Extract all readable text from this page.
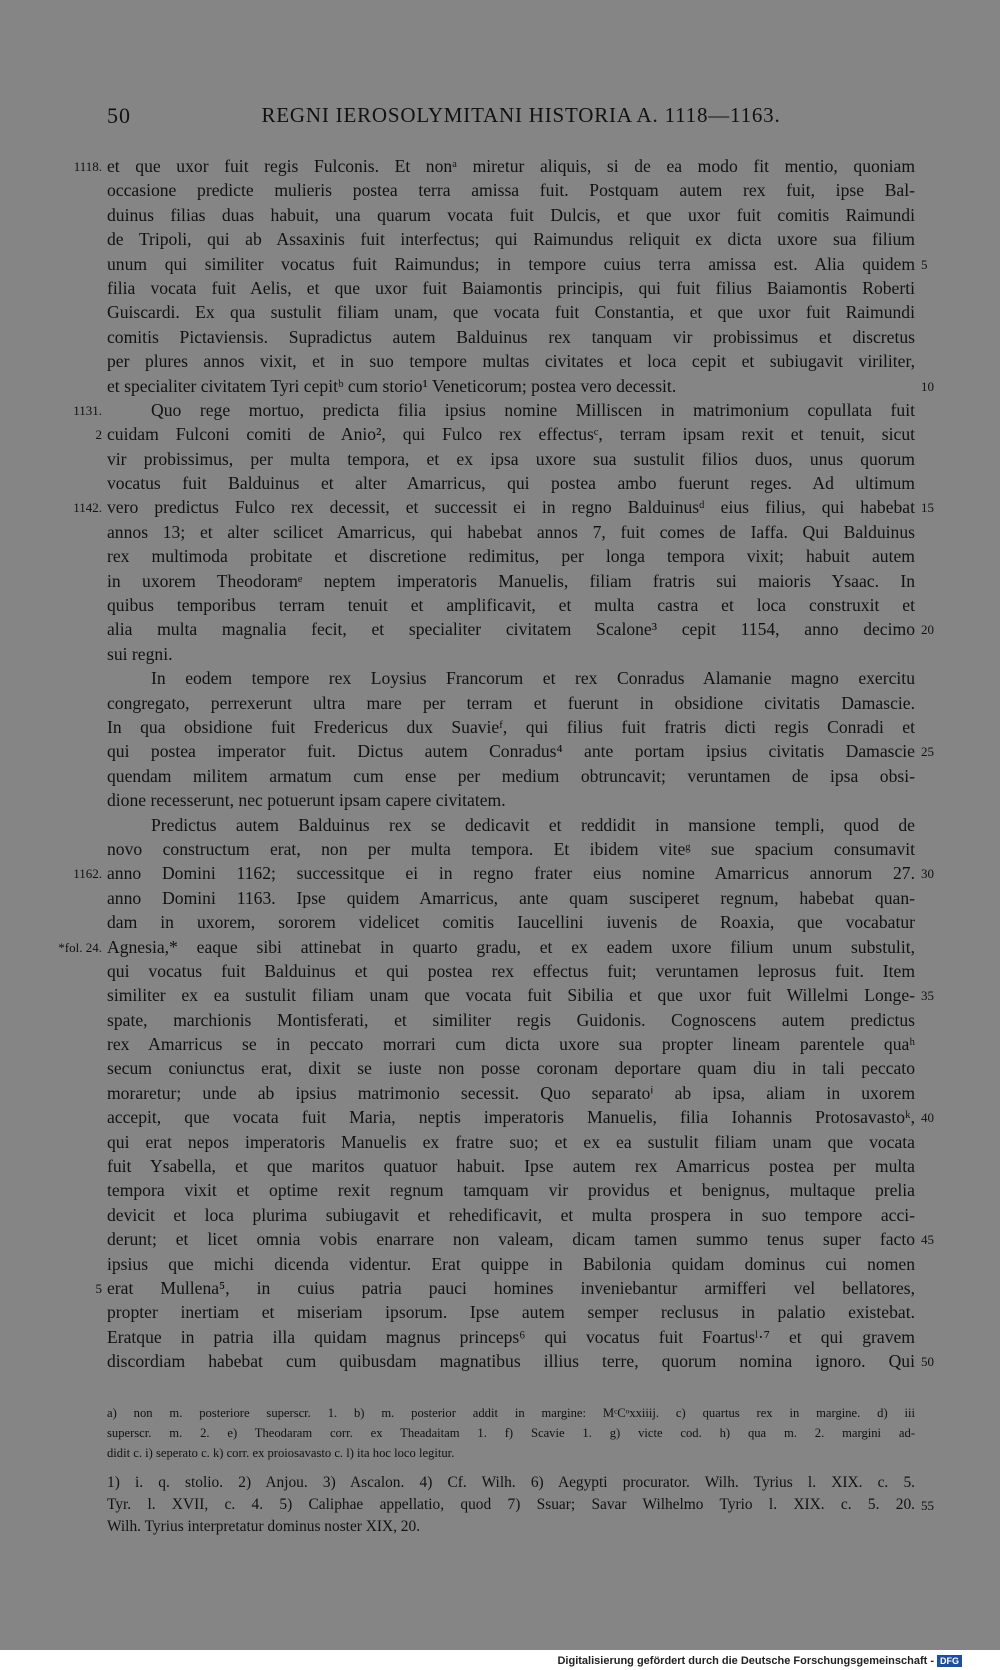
50	REGNI IEROSOLYMITANI HISTORIA A. 1118—1163.
1118. et que uxor fuit regis Fulconis. Et nonᵃ miretur aliquis, si de ea modo fit mentio, quoniam
occasione predicte mulieris postea terra amissa fuit. Postquam autem rex fuit, ipse Bal-
duinus filias duas habuit, una quarum vocata fuit Dulcis, et que uxor fuit comitis Raimundi
de Tripoli, qui ab Assaxinis fuit interfectus; qui Raimundus reliquit ex dicta uxore sua filium
unum qui similiter vocatus fuit Raimundus; in tempore cuius terra amissa est. Alia quidem 5
filia vocata fuit Aelis, et que uxor fuit Baiamontis principis, qui fuit filius Baiamontis Roberti
Guiscardi. Ex qua sustulit filiam unam, que vocata fuit Constantia, et que uxor fuit Raimundi
comitis Pictaviensis. Supradictus autem Balduinus rex tanquam vir probissimus et discretus
per plures annos vixit, et in suo tempore multas civitates et loca cepit et subiugavit viriliter,
et specialiter civitatem Tyri cepitᵇ cum storio¹ Veneticorum; postea vero decessit.	10
1131.	Quo rege mortuo, predicta filia ipsius nomine Milliscen in matrimonium copullata fuit
2 cuidam Fulconi comiti de Anio², qui Fulco rex effectusᶜ, terram ipsam rexit et tenuit, sicut
vir probissimus, per multa tempora, et ex ipsa uxore sua sustulit filios duos, unus quorum
vocatus fuit Balduinus et alter Amarricus, qui postea ambo fuerunt reges. Ad ultimum
1142. vero predictus Fulco rex decessit, et successit ei in regno Balduinusᵈ eius filius, qui habebat 15
annos 13; et alter scilicet Amarricus, qui habebat annos 7, fuit comes de Iaffa. Qui Balduinus
rex multimoda probitate et discretione redimitus, per longa tempora vixit; habuit autem
in uxorem Theodoramᵉ neptem imperatoris Manuelis, filiam fratris sui maioris Ysaac. In
quibus temporibus terram tenuit et amplificavit, et multa castra et loca construxit et
alia multa magnalia fecit, et specialiter civitatem Scalone³ cepit 1154, anno decimo 20
sui regni.
In eodem tempore rex Loysius Francorum et rex Conradus Alamanie magno exercitu
congregato, perrexerunt ultra mare per terram et fuerunt in obsidione civitatis Damascie.
In qua obsidione fuit Fredericus dux Suavieᶠ, qui filius fuit fratris dicti regis Conradi et
qui postea imperator fuit. Dictus autem Conradus⁴ ante portam ipsius civitatis Damascie 25
quendam militem armatum cum ense per medium obtruncavit; veruntamen de ipsa obsi-
dione recesserunt, nec potuerunt ipsam capere civitatem.
Predictus autem Balduinus rex se dedicavit et reddidit in mansione templi, quod de
novo constructum erat, non per multa tempora. Et ibidem viteᵍ sue spacium consumavit
1162. anno Domini 1162; successitque ei in regno frater eius nomine Amarricus annorum 27. 30
anno Domini 1163. Ipse quidem Amarricus, ante quam susciperet regnum, habebat quan-
dam in uxorem, sororem videlicet comitis Iaucellini iuvenis de Roaxia, que vocabatur
*fol. 24. Agnesia,* eaque sibi attinebat in quarto gradu, et ex eadem uxore filium unum substulit,
qui vocatus fuit Balduinus et qui postea rex effectus fuit; veruntamen leprosus fuit. Item
similiter ex ea sustulit filiam unam que vocata fuit Sibilia et que uxor fuit Willelmi Longe- 35
spate, marchionis Montisferati, et similiter regis Guidonis. Cognoscens autem predictus
rex Amarricus se in peccato morrari cum dicta uxore sua propter lineam parentele quaʰ
secum coniunctus erat, dixit se iuste non posse coronam deportare quam diu in tali peccato
moraretur; unde ab ipsius matrimonio secessit. Quo separatoⁱ ab ipsa, aliam in uxorem
accepit, que vocata fuit Maria, neptis imperatoris Manuelis, filia Iohannis Protosavastoᵏ, 40
qui erat nepos imperatoris Manuelis ex fratre suo; et ex ea sustulit filiam unam que vocata
fuit Ysabella, et que maritos quatuor habuit. Ipse autem rex Amarricus postea per multa
tempora vixit et optime rexit regnum tamquam vir providus et benignus, multaque prelia
devicit et loca plurima subiugavit et rehedificavit, et multa prospera in suo tempore acci-
derunt; et licet omnia vobis enarrare non valeam, dicam tamen summo tenus super facto 45
ipsius que michi dicenda videntur. Erat quippe in Babilonia quidam dominus cui nomen
5 erat Mullena⁵, in cuius patria pauci homines inveniebantur armifferi vel bellatores,
propter inertiam et miseriam ipsorum. Ipse autem semper reclusus in palatio existebat.
Eratque in patria illa quidam magnus princeps⁶ qui vocatus fuit Foartusˡ·⁷ et qui gravem
discordiam habebat cum quibusdam magnatibus illius terre, quorum nomina ignoro. Qui 50
a) non m. posteriore superscr. 1. b) m. posterior addit in margine: MᶜCᵒxxiiij. c) quartus rex in margine. d) iii
superscr. m. 2. e) Theodaram corr. ex Theadaitam 1. f) Scavie 1. g) victe cod. h) qua m. 2. margini ad-
didit c. i) seperato c. k) corr. ex proiosavasto c. l) ita hoc loco legitur.
1) i. q. stolio. 2) Anjou. 3) Ascalon. 4) Cf. Wilh. 6) Aegypti procurator. Wilh. Tyrius l. XIX. c. 5.
Tyr. l. XVII, c. 4. 5) Caliphae appellatio, quod 7) Ssuar; Savar Wilhelmo Tyrio l. XIX. c. 5. 20. 55
Wilh. Tyrius interpretatur dominus noster XIX, 20.
Digitalisierung gefördert durch die Deutsche Forschungsgemeinschaft - DFG
